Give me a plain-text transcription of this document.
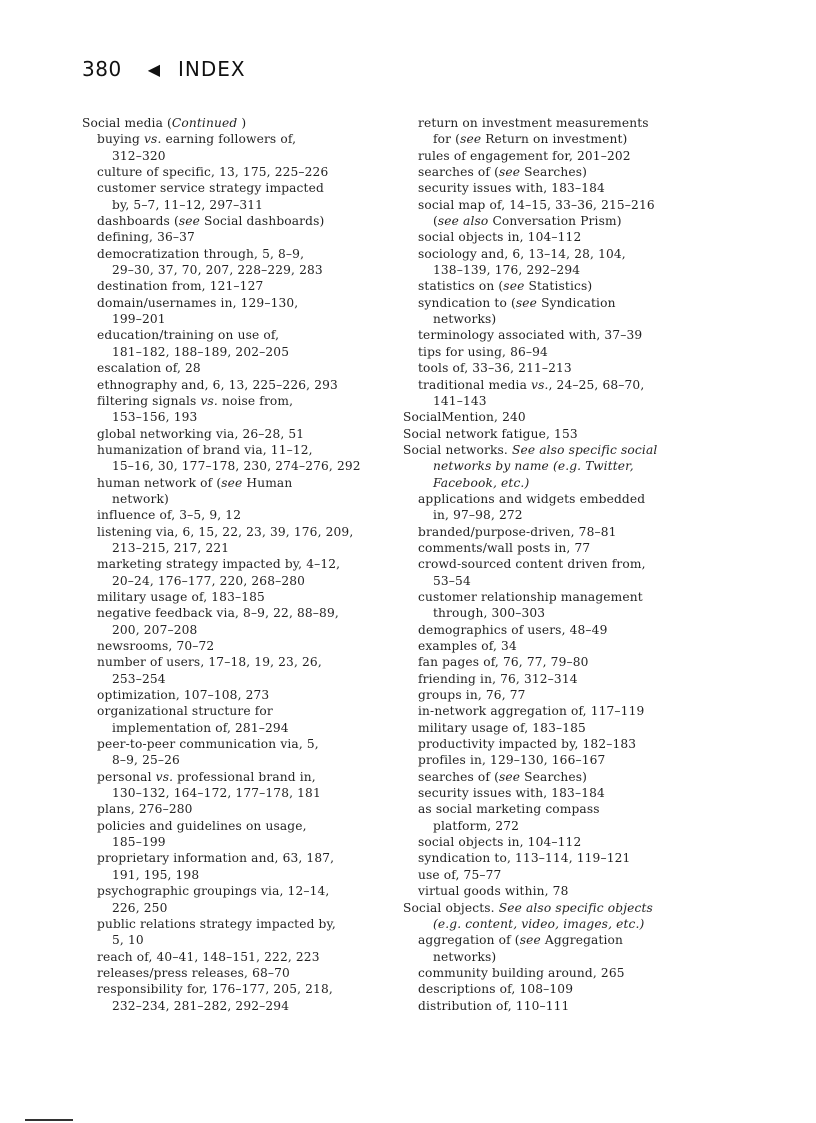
380 ◀ INDEX
Social media (Continued )
buying vs. earning followers of,
312–320
culture of specific, 13, 175, 225–226
customer service strategy impacted
by, 5–7, 11–12, 297–311
dashboards (see Social dashboards)
defining, 36–37
democratization through, 5, 8–9,
29–30, 37, 70, 207, 228–229, 283
destination from, 121–127
domain/usernames in, 129–130,
199–201
education/training on use of,
181–182, 188–189, 202–205
escalation of, 28
ethnography and, 6, 13, 225–226, 293
filtering signals vs. noise from,
153–156, 193
global networking via, 26–28, 51
humanization of brand via, 11–12,
15–16, 30, 177–178, 230, 274–276, 292
human network of (see Human
network)
influence of, 3–5, 9, 12
listening via, 6, 15, 22, 23, 39, 176, 209,
213–215, 217, 221
marketing strategy impacted by, 4–12,
20–24, 176–177, 220, 268–280
military usage of, 183–185
negative feedback via, 8–9, 22, 88–89,
200, 207–208
newsrooms, 70–72
number of users, 17–18, 19, 23, 26,
253–254
optimization, 107–108, 273
organizational structure for
implementation of, 281–294
peer-to-peer communication via, 5,
8–9, 25–26
personal vs. professional brand in,
130–132, 164–172, 177–178, 181
plans, 276–280
policies and guidelines on usage,
185–199
proprietary information and, 63, 187,
191, 195, 198
psychographic groupings via, 12–14,
226, 250
public relations strategy impacted by,
5, 10
reach of, 40–41, 148–151, 222, 223
releases/press releases, 68–70
responsibility for, 176–177, 205, 218,
232–234, 281–282, 292–294
return on investment measurements
for (see Return on investment)
rules of engagement for, 201–202
searches of (see Searches)
security issues with, 183–184
social map of, 14–15, 33–36, 215–216
(see also Conversation Prism)
social objects in, 104–112
sociology and, 6, 13–14, 28, 104,
138–139, 176, 292–294
statistics on (see Statistics)
syndication to (see Syndication
networks)
terminology associated with, 37–39
tips for using, 86–94
tools of, 33–36, 211–213
traditional media vs., 24–25, 68–70,
141–143
SocialMention, 240
Social network fatigue, 153
Social networks. See also specific social
networks by name (e.g. Twitter,
Facebook, etc.)
applications and widgets embedded
in, 97–98, 272
branded/purpose-driven, 78–81
comments/wall posts in, 77
crowd-sourced content driven from,
53–54
customer relationship management
through, 300–303
demographics of users, 48–49
examples of, 34
fan pages of, 76, 77, 79–80
friending in, 76, 312–314
groups in, 76, 77
in-network aggregation of, 117–119
military usage of, 183–185
productivity impacted by, 182–183
profiles in, 129–130, 166–167
searches of (see Searches)
security issues with, 183–184
as social marketing compass
platform, 272
social objects in, 104–112
syndication to, 113–114, 119–121
use of, 75–77
virtual goods within, 78
Social objects. See also specific objects
(e.g. content, video, images, etc.)
aggregation of (see Aggregation
networks)
community building around, 265
descriptions of, 108–109
distribution of, 110–111
